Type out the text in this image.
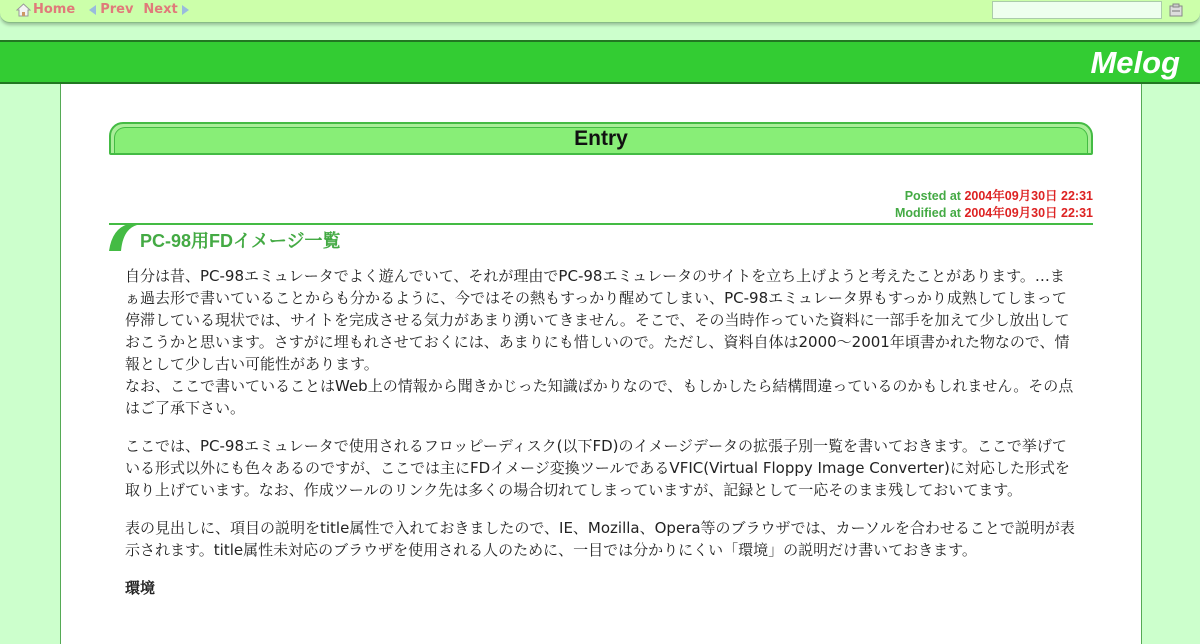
Home Prev Next
Melog
Entry
Posted at 2004年09月30日 22:31
Modified at 2004年09月30日 22:31
PC-98用FDイメージ一覧

自分は昔、PC-98エミュレータでよく遊んでいて、それが理由でPC-98エミュレータのサイトを立ち上げようと考えたことがあります。…まぁ過去形で書いていることからも分かるように、今ではその熱もすっかり醒めてしまい、PC-98エミュレータ界もすっかり成熟してしまって停滞している現状では、サイトを完成させる気力があまり湧いてきません。そこで、その当時作っていた資料に一部手を加えて少し放出しておこうかと思います。さすがに埋もれさせておくには、あまりにも惜しいので。ただし、資料自体は2000～2001年頃書かれた物なので、情報として少し古い可能性があります。
なお、ここで書いていることはWeb上の情報から聞きかじった知識ばかりなので、もしかしたら結構間違っているのかもしれません。その点はご了承下さい。

ここでは、PC-98エミュレータで使用されるフロッピーディスク(以下FD)のイメージデータの拡張子別一覧を書いておきます。ここで挙げている形式以外にも色々あるのですが、ここでは主にFDイメージ変換ツールであるVFIC(Virtual Floppy Image Converter)に対応した形式を取り上げています。なお、作成ツールのリンク先は多くの場合切れてしまっていますが、記録として一応そのまま残しておいてます。

表の見出しに、項目の説明をtitle属性で入れておきましたので、IE、Mozilla、Opera等のブラウザでは、カーソルを合わせることで説明が表示されます。title属性未対応のブラウザを使用される人のために、一目では分かりにくい「環境」の説明だけ書いておきます。

環境
